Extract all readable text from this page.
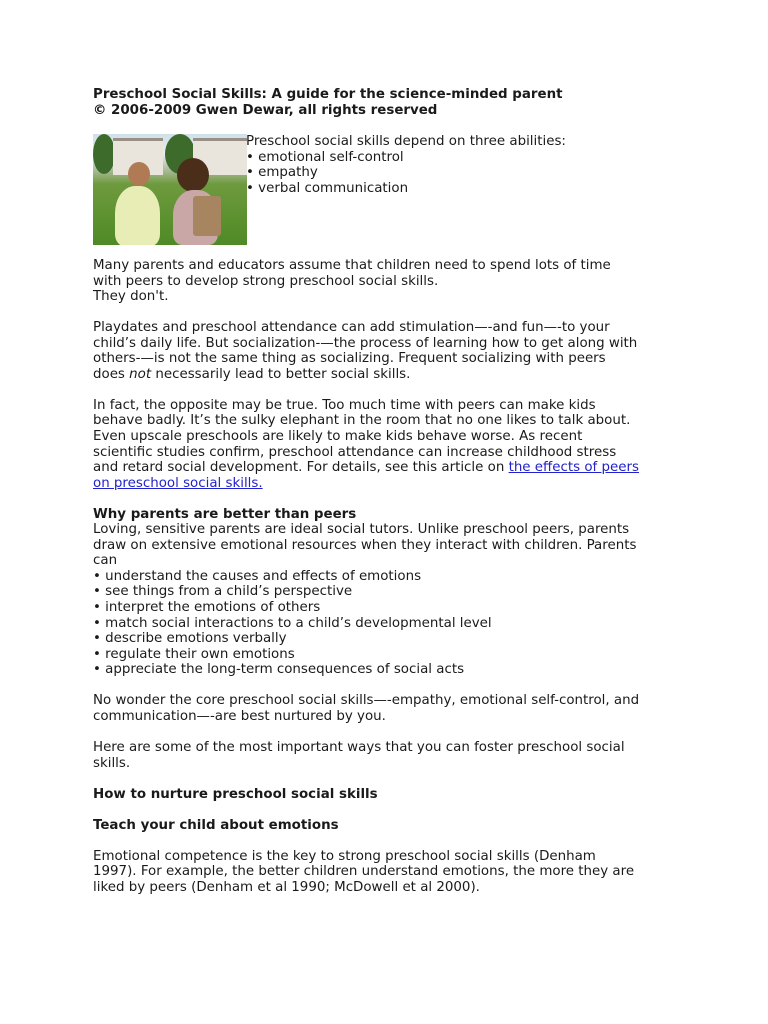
Preschool Social Skills: A guide for the science-minded parent
© 2006-2009 Gwen Dewar, all rights reserved
Preschool social skills depend on three abilities:
• emotional self-control
• empathy
• verbal communication
Many parents and educators assume that children need to spend lots of time
with peers to develop strong preschool social skills.
They don't.
Playdates and preschool attendance can add stimulation—-and fun—-to your
child’s daily life. But socialization-—the process of learning how to get along with
others-—is not the same thing as socializing. Frequent socializing with peers
does not necessarily lead to better social skills.
In fact, the opposite may be true. Too much time with peers can make kids
behave badly. It’s the sulky elephant in the room that no one likes to talk about.
Even upscale preschools are likely to make kids behave worse. As recent
scientific studies confirm, preschool attendance can increase childhood stress
and retard social development. For details, see this article on the effects of peers
on preschool social skills.
Why parents are better than peers
Loving, sensitive parents are ideal social tutors. Unlike preschool peers, parents
draw on extensive emotional resources when they interact with children. Parents
can
• understand the causes and effects of emotions
• see things from a child’s perspective
• interpret the emotions of others
• match social interactions to a child’s developmental level
• describe emotions verbally
• regulate their own emotions
• appreciate the long-term consequences of social acts
No wonder the core preschool social skills—-empathy, emotional self-control, and
communication—-are best nurtured by you.
Here are some of the most important ways that you can foster preschool social
skills.
How to nurture preschool social skills
Teach your child about emotions
Emotional competence is the key to strong preschool social skills (Denham
1997). For example, the better children understand emotions, the more they are
liked by peers (Denham et al 1990; McDowell et al 2000).
